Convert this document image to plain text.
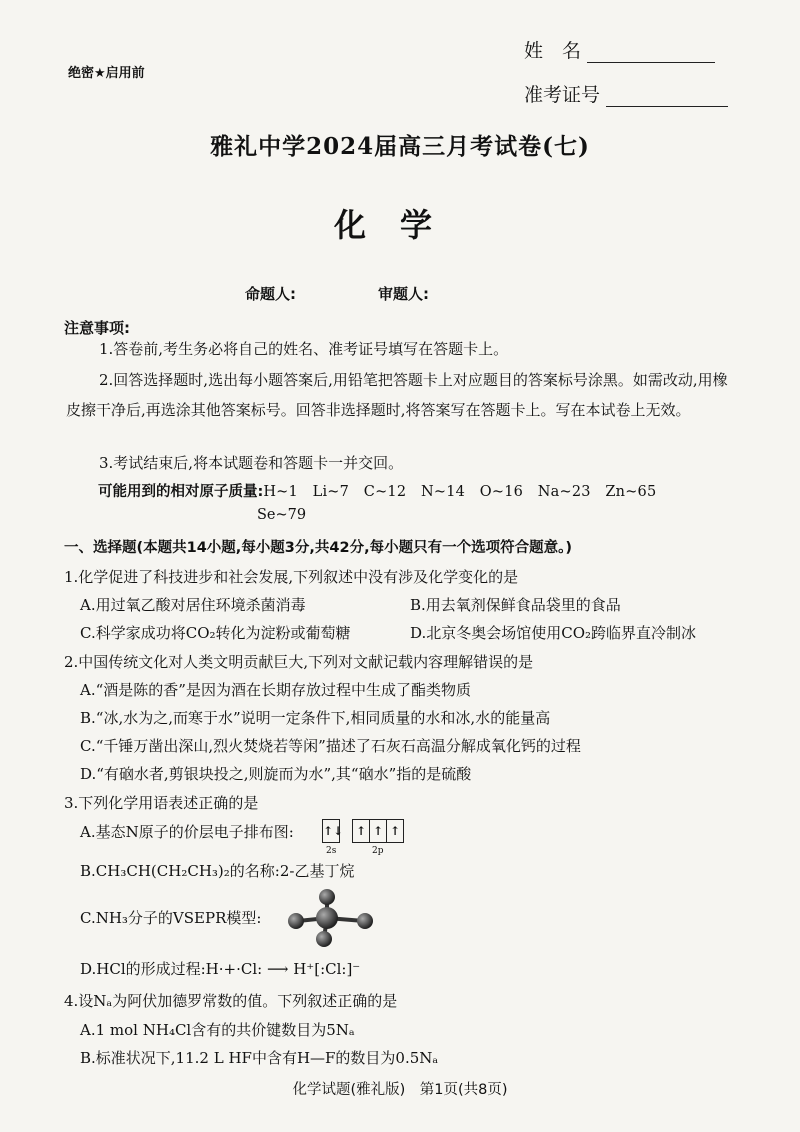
绝密★启用前
姓　名
准考证号
雅礼中学2024届高三月考试卷(七)
化学
命题人:	审题人:
注意事项:
1.答卷前,考生务必将自己的姓名、准考证号填写在答题卡上。
2.回答选择题时,选出每小题答案后,用铅笔把答题卡上对应题目的答案标号涂黑。如需改动,用橡皮擦干净后,再选涂其他答案标号。回答非选择题时,将答案写在答题卡上。写在本试卷上无效。
3.考试结束后,将本试题卷和答题卡一并交回。
可能用到的相对原子质量:H~1　Li~7　C~12　N~14　O~16　Na~23　Zn~65
Se~79
一、选择题(本题共14小题,每小题3分,共42分,每小题只有一个选项符合题意。)
1.化学促进了科技进步和社会发展,下列叙述中没有涉及化学变化的是
A.用过氧乙酸对居住环境杀菌消毒	B.用去氧剂保鲜食品袋里的食品
C.科学家成功将CO₂转化为淀粉或葡萄糖	D.北京冬奥会场馆使用CO₂跨临界直冷制冰
2.中国传统文化对人类文明贡献巨大,下列对文献记载内容理解错误的是
A.“酒是陈的香”是因为酒在长期存放过程中生成了酯类物质
B.“冰,水为之,而寒于水”说明一定条件下,相同质量的水和冰,水的能量高
C.“千锤万凿出深山,烈火焚烧若等闲”描述了石灰石高温分解成氧化钙的过程
D.“有硇水者,剪银块投之,则旋而为水”,其“硇水”指的是硫酸
3.下列化学用语表述正确的是
A.基态N原子的价层电子排布图: ↑↓ ↑ ↑ ↑
2s	2p
B.CH₃CH(CH₂CH₃)₂的名称:2-乙基丁烷
C.NH₃分子的VSEPR模型:
D.HCl的形成过程:H·+·Cl: ⟶ H⁺[:Cl:]⁻
4.设Nₐ为阿伏加德罗常数的值。下列叙述正确的是
A.1 mol NH₄Cl含有的共价键数目为5Nₐ
B.标准状况下,11.2 L HF中含有H—F的数目为0.5Nₐ
化学试题(雅礼版)　第1页(共8页)
